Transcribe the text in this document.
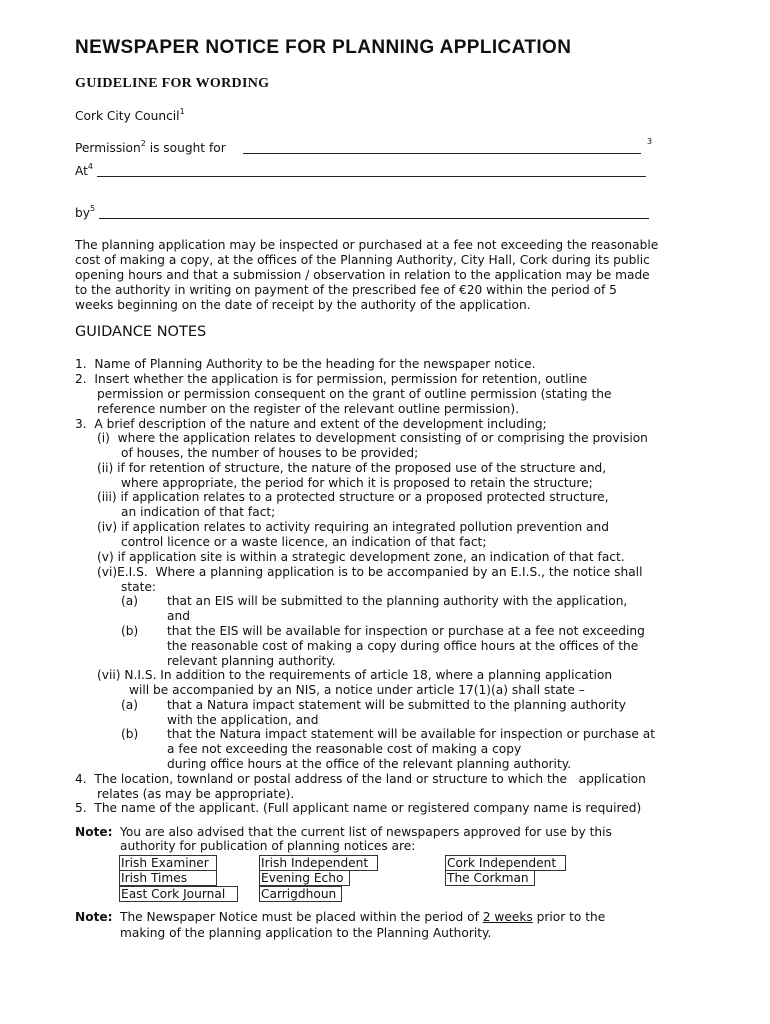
NEWSPAPER NOTICE FOR PLANNING APPLICATION
GUIDELINE FOR WORDING
Cork City Council$^1$
Permission$^2$ is sought for	3
At$^4$
$by^5$
The planning application may be inspected or purchased at a fee not exceeding the reasonable
cost of making a copy, at the offices of the Planning Authority, City Hall, Cork during its public
opening hours and that a submission / observation in relation to the application may be made
to the authority in writing on payment of the prescribed fee of €20 within the period of 5
weeks beginning on the date of receipt by the authority of the application.
GUIDANCE NOTES
1.  Name of Planning Authority to be the heading for the newspaper notice.
2.  Insert whether the application is for permission, permission for retention, outline
permission or permission consequent on the grant of outline permission (stating the
reference number on the register of the relevant outline permission).
3.  A brief description of the nature and extent of the development including;
(i)  where the application relates to development consisting of or comprising the provision
of houses, the number of houses to be provided;
(ii) if for retention of structure, the nature of the proposed use of the structure and,
where appropriate, the period for which it is proposed to retain the structure;
(iii) if application relates to a protected structure or a proposed protected structure,
an indication of that fact;
(iv) if application relates to activity requiring an integrated pollution prevention and
control licence or a waste licence, an indication of that fact;
(v) if application site is within a strategic development zone, an indication of that fact.
(vi)E.I.S.  Where a planning application is to be accompanied by an E.I.S., the notice shall
state:
(a) that an EIS will be submitted to the planning authority with the application,
and
(b) that the EIS will be available for inspection or purchase at a fee not exceeding
the reasonable cost of making a copy during office hours at the offices of the
relevant planning authority.
(vii) N.I.S. In addition to the requirements of article 18, where a planning application
will be accompanied by an NIS, a notice under article 17(1)(a) shall state –
(a) that a Natura impact statement will be submitted to the planning authority
with the application, and
(b) that the Natura impact statement will be available for inspection or purchase at
a fee not exceeding the reasonable cost of making a copy
during office hours at the office of the relevant planning authority.
4.  The location, townland or postal address of the land or structure to which the   application
relates (as may be appropriate).
5.  The name of the applicant. (Full applicant name or registered company name is required)
Note: You are also advised that the current list of newspapers approved for use by this
authority for publication of planning notices are:
Irish Examiner	Irish Independent	Cork Independent
Irish Times	Evening Echo	The Corkman
East Cork Journal	Carrigdhoun
Note: The Newspaper Notice must be placed within the period of 2 weeks prior to the
making of the planning application to the Planning Authority.
